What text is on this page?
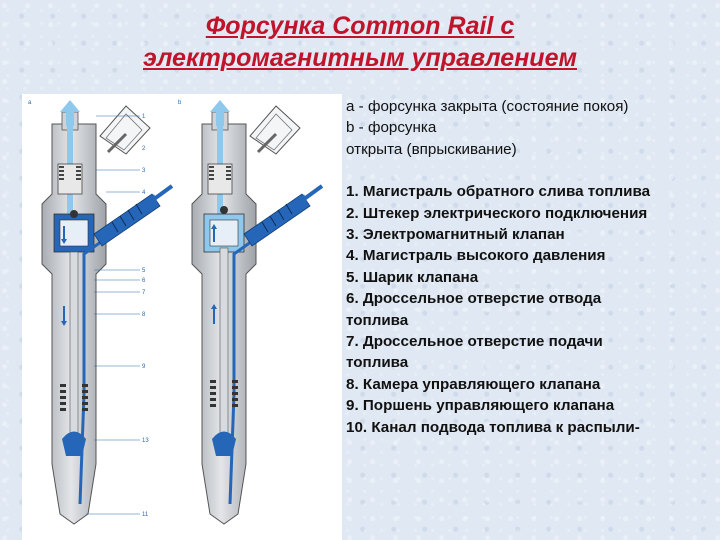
Форсунка Common Rail с
электромагнитным управлением
a
1
2
3
4
5
6
7
8
9
13
11
b	а - форсунка закрыта (состояние покоя)

b - форсунка

открыта (впрыскивание)

1. Магистраль обратного слива топлива
2. Штекер электрического подключения
3. Электромагнитный клапан
4. Магистраль высокого давления
5. Шарик клапана
6. Дроссельное отверстие отвода
топлива
7. Дроссельное отверстие подачи
топлива
8. Камера управляющего клапана
9. Поршень управляющего клапана
10. Канал подвода топлива к распыли-
